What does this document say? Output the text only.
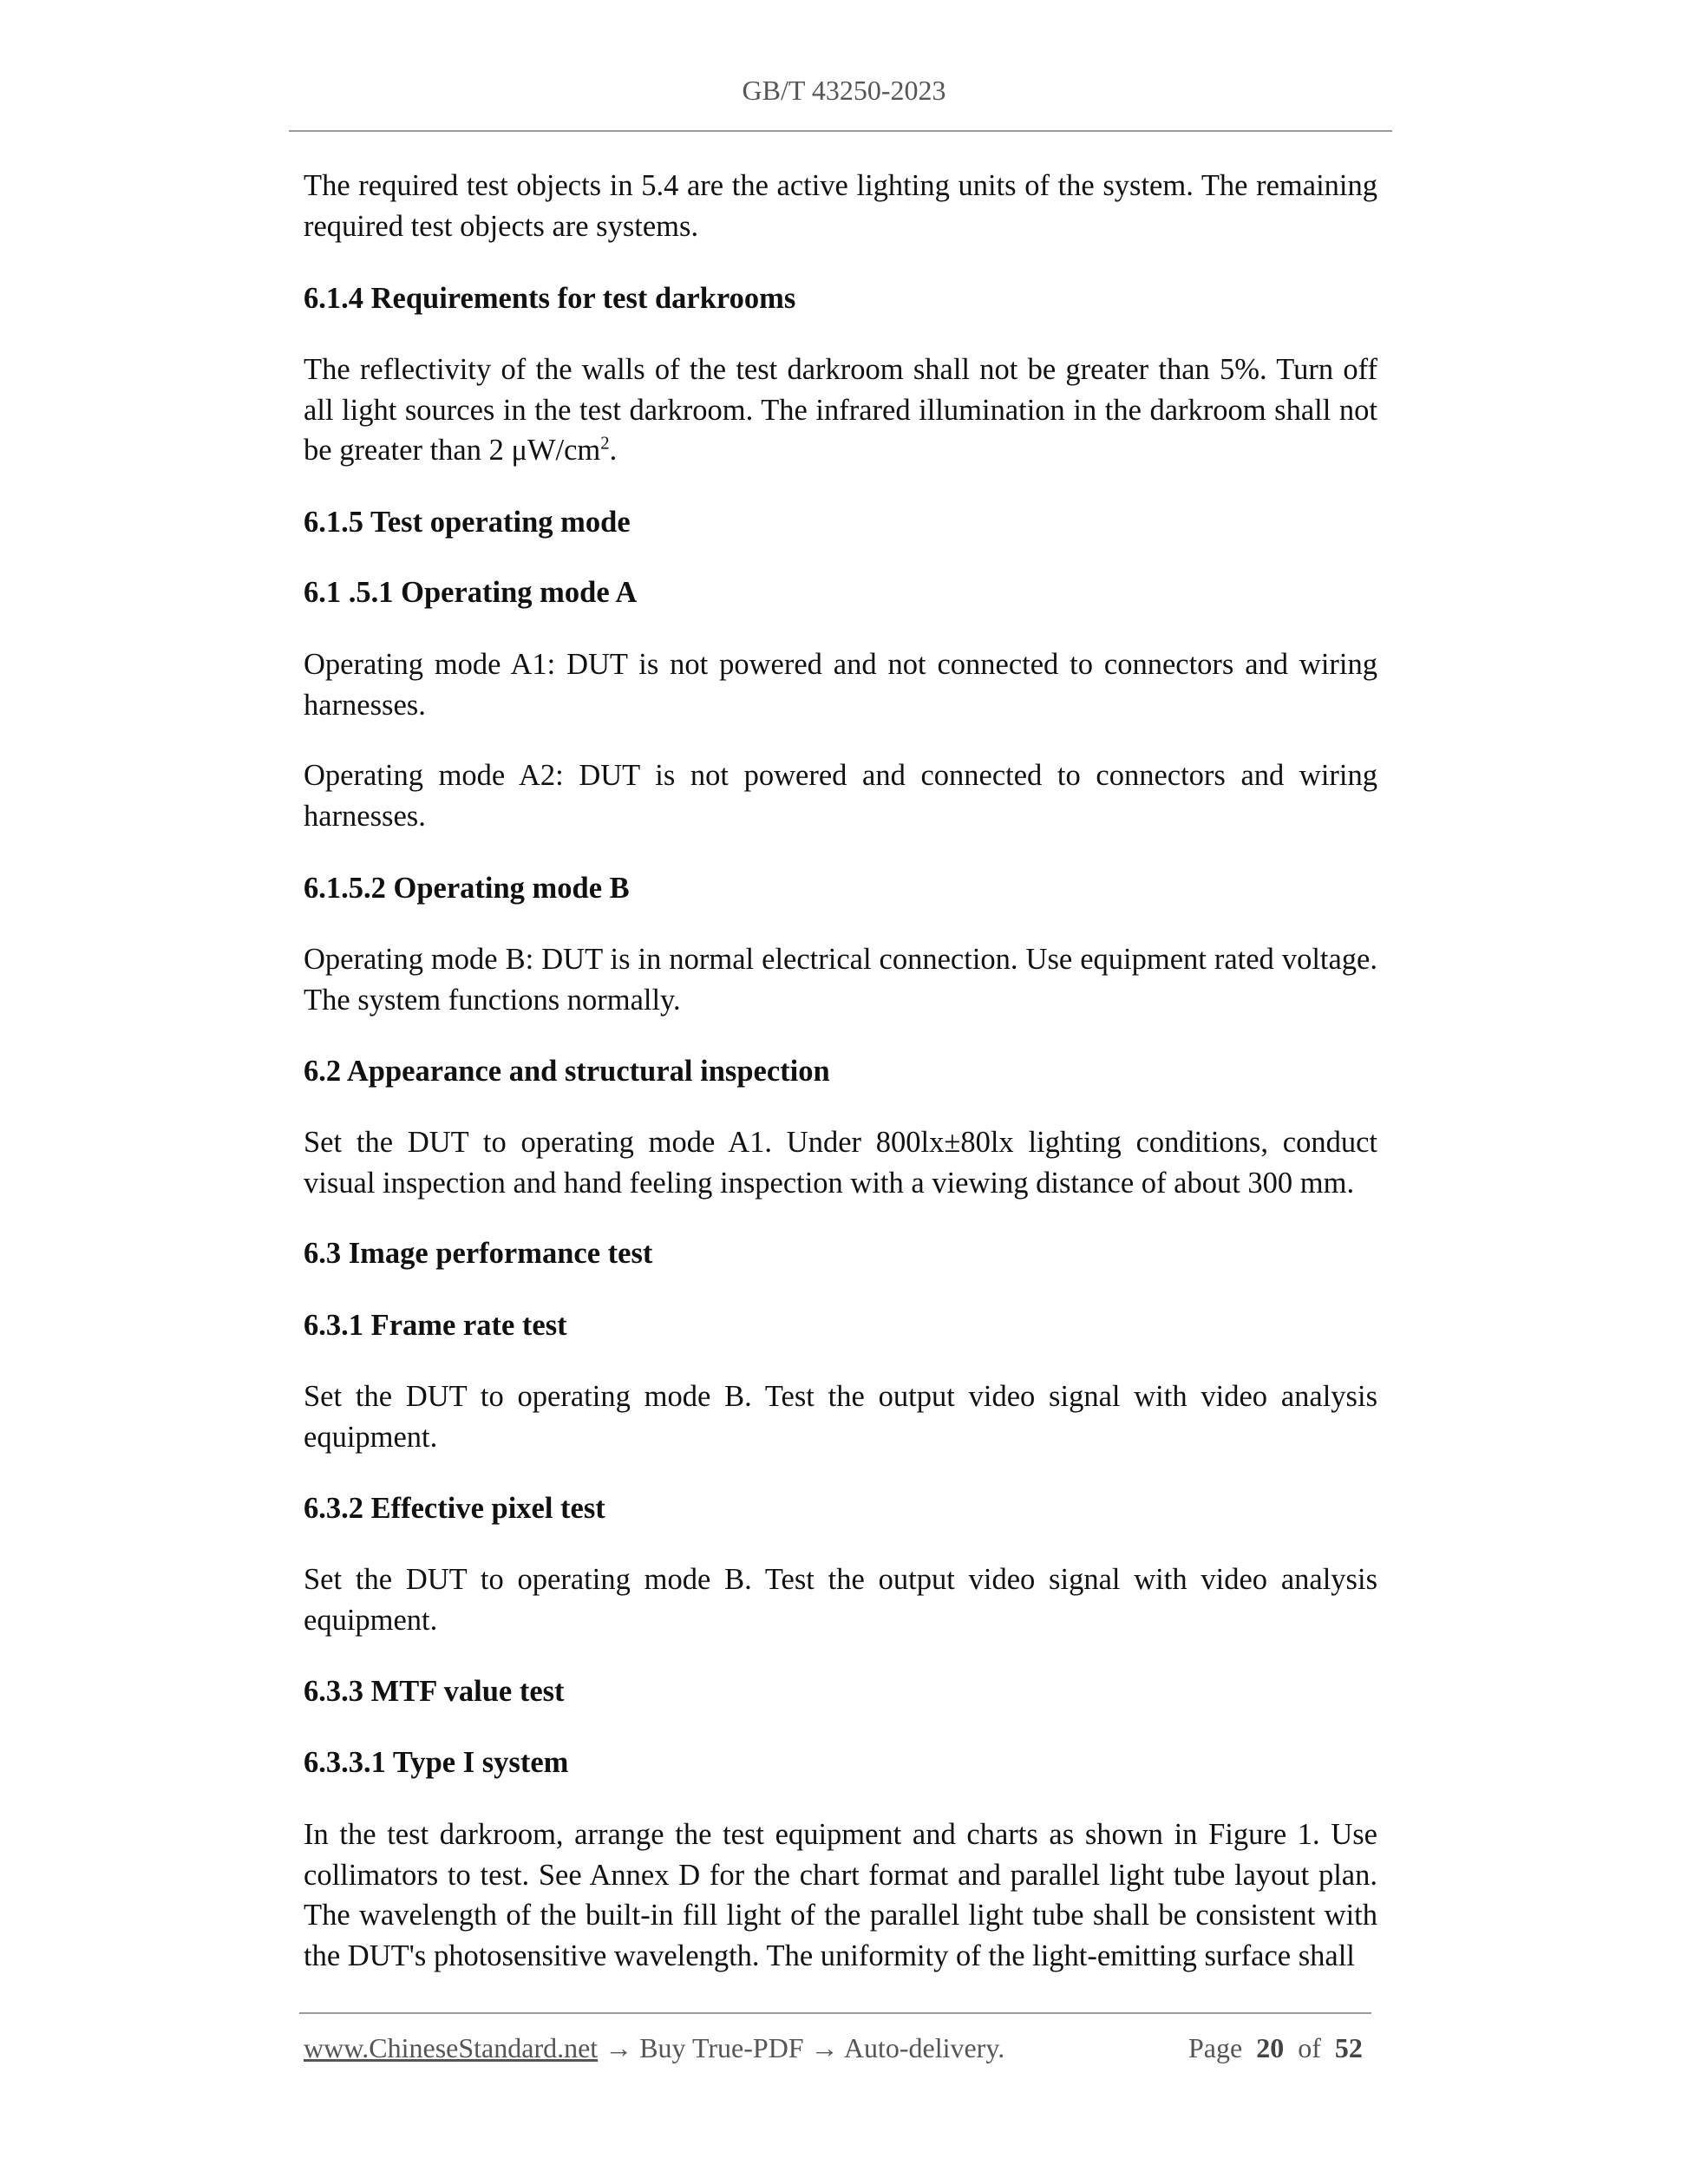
GB/T 43250-2023
The required test objects in 5.4 are the active lighting units of the system. The remaining required test objects are systems.
6.1.4 Requirements for test darkrooms
The reflectivity of the walls of the test darkroom shall not be greater than 5%. Turn off all light sources in the test darkroom. The infrared illumination in the darkroom shall not be greater than 2 $\mu W/cm^2$.
6.1.5 Test operating mode
6.1 .5.1 Operating mode A
Operating mode A1: DUT is not powered and not connected to connectors and wiring harnesses.
Operating mode A2: DUT is not powered and connected to connectors and wiring harnesses.
6.1.5.2 Operating mode B
Operating mode B: DUT is in normal electrical connection. Use equipment rated voltage. The system functions normally.
6.2 Appearance and structural inspection
Set the DUT to operating mode A1. Under 800lx±80lx lighting conditions, conduct visual inspection and hand feeling inspection with a viewing distance of about 300 mm.
6.3 Image performance test
6.3.1 Frame rate test
Set the DUT to operating mode B. Test the output video signal with video analysis equipment.
6.3.2 Effective pixel test
Set the DUT to operating mode B. Test the output video signal with video analysis equipment.
6.3.3 MTF value test
6.3.3.1 Type I system
In the test darkroom, arrange the test equipment and charts as shown in Figure 1. Use collimators to test. See Annex D for the chart format and parallel light tube layout plan. The wavelength of the built-in fill light of the parallel light tube shall be consistent with the DUT's photosensitive wavelength. The uniformity of the light-emitting surface shall
www.ChineseStandard.net → Buy True-PDF → Auto-delivery.	Page 20 of 52
